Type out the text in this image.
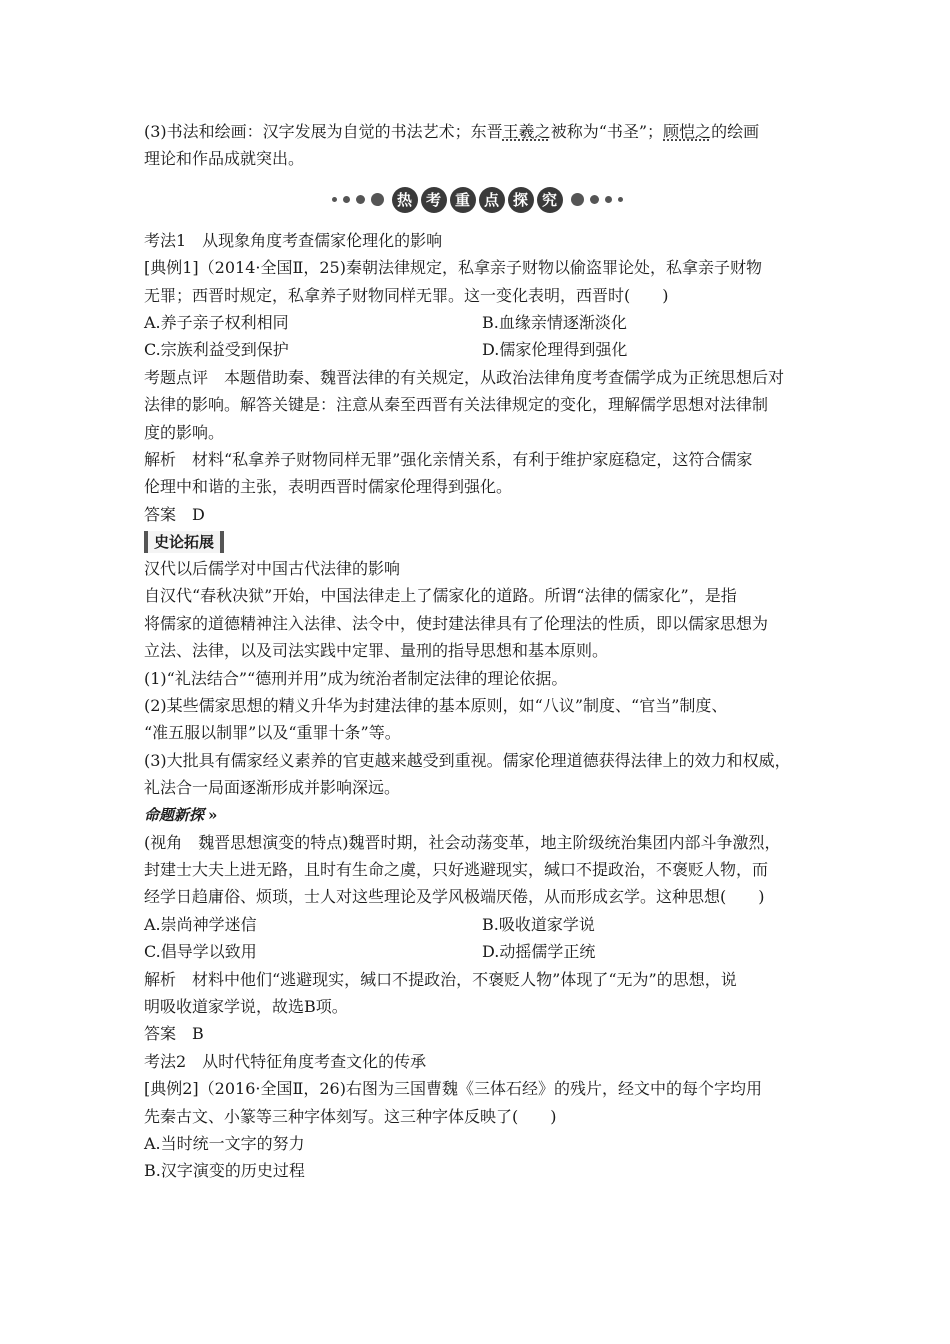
(3)书法和绘画：汉字发展为自觉的书法艺术；东晋王羲之被称为“书圣”；顾恺之的绘画
理论和作品成就突出。
热 考 重 点 探 究
考法1　从现象角度考查儒家伦理化的影响
[典例1]（2014·全国Ⅱ，25)秦朝法律规定，私拿亲子财物以偷盗罪论处，私拿亲子财物
无罪；西晋时规定，私拿养子财物同样无罪。这一变化表明，西晋时(　　)
A.养子亲子权利相同	B.血缘亲情逐渐淡化
C.宗族利益受到保护	D.儒家伦理得到强化
考题点评　本题借助秦、魏晋法律的有关规定，从政治法律角度考查儒学成为正统思想后对
法律的影响。解答关键是：注意从秦至西晋有关法律规定的变化，理解儒学思想对法律制
度的影响。
解析　材料“私拿养子财物同样无罪”强化亲情关系，有利于维护家庭稳定，这符合儒家
伦理中和谐的主张，表明西晋时儒家伦理得到强化。
答案　D
史论拓展
汉代以后儒学对中国古代法律的影响
自汉代“春秋决狱”开始，中国法律走上了儒家化的道路。所谓“法律的儒家化”，是指
将儒家的道德精神注入法律、法令中，使封建法律具有了伦理法的性质，即以儒家思想为
立法、法律，以及司法实践中定罪、量刑的指导思想和基本原则。
(1)“礼法结合”“德刑并用”成为统治者制定法律的理论依据。
(2)某些儒家思想的精义升华为封建法律的基本原则，如“八议”制度、“官当”制度、
“准五服以制罪”以及“重罪十条”等。
(3)大批具有儒家经义素养的官吏越来越受到重视。儒家伦理道德获得法律上的效力和权威，
礼法合一局面逐渐形成并影响深远。
命题新探 »
(视角　魏晋思想演变的特点)魏晋时期，社会动荡变革，地主阶级统治集团内部斗争激烈，
封建士大夫上进无路，且时有生命之虞，只好逃避现实，缄口不提政治，不褒贬人物，而
经学日趋庸俗、烦琐，士人对这些理论及学风极端厌倦，从而形成玄学。这种思想(　　)
A.崇尚神学迷信	B.吸收道家学说
C.倡导学以致用	D.动摇儒学正统
解析　材料中他们“逃避现实，缄口不提政治，不褒贬人物”体现了“无为”的思想，说
明吸收道家学说，故选B项。
答案　B
考法2　从时代特征角度考查文化的传承
[典例2]（2016·全国Ⅱ，26)右图为三国曹魏《三体石经》的残片，经文中的每个字均用
先秦古文、小篆等三种字体刻写。这三种字体反映了(　　)
A.当时统一文字的努力
B.汉字演变的历史过程
